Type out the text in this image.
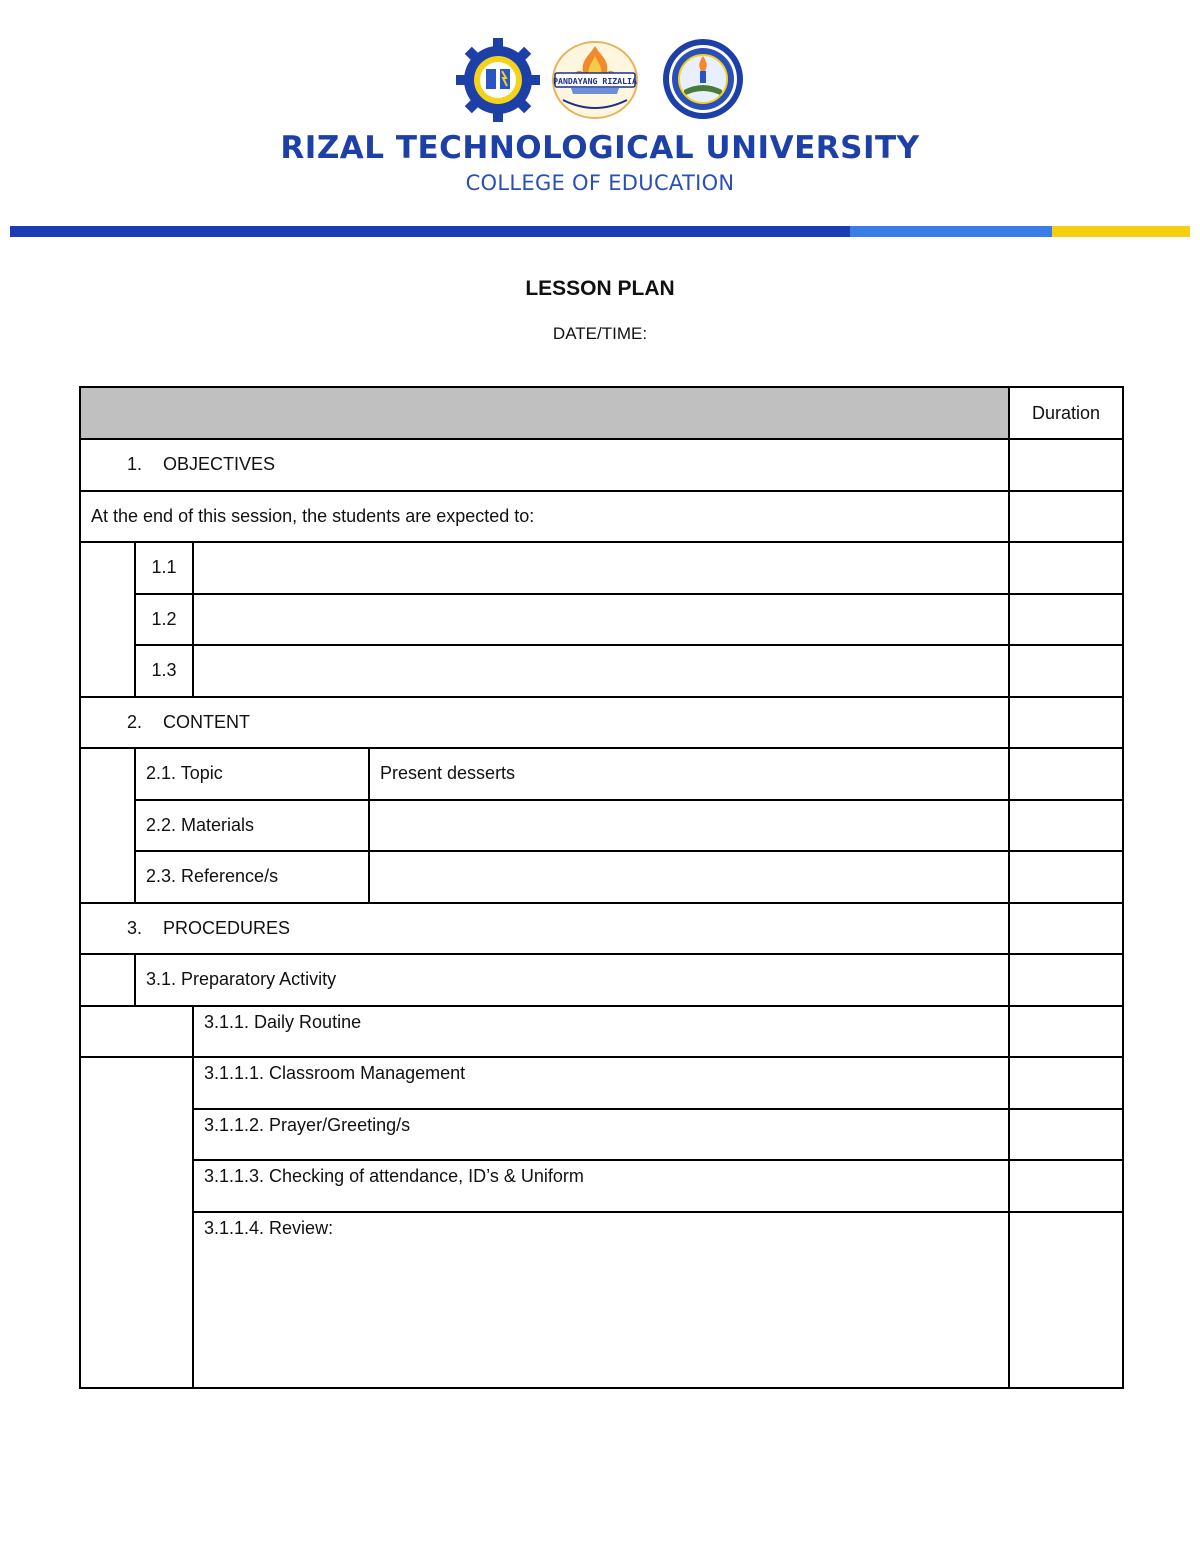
PANDAYANG RIZALIA
RIZAL TECHNOLOGICAL UNIVERSITY
COLLEGE OF EDUCATION
LESSON PLAN
DATE/TIME:
				Duration
1. OBJECTIVES				
At the end of this session, the students are expected to:				
	1.1			
	1.2			
	1.3			
2. CONTENT				
	2.1. Topic		Present desserts	
	2.2. Materials			
	2.3. Reference/s			
3. PROCEDURES				
	3.1. Preparatory Activity			
		3.1.1. Daily Routine		
		3.1.1.1. Classroom Management		
		3.1.1.2. Prayer/Greeting/s		
		3.1.1.3. Checking of attendance, ID’s & Uniform		
		3.1.1.4. Review:		
